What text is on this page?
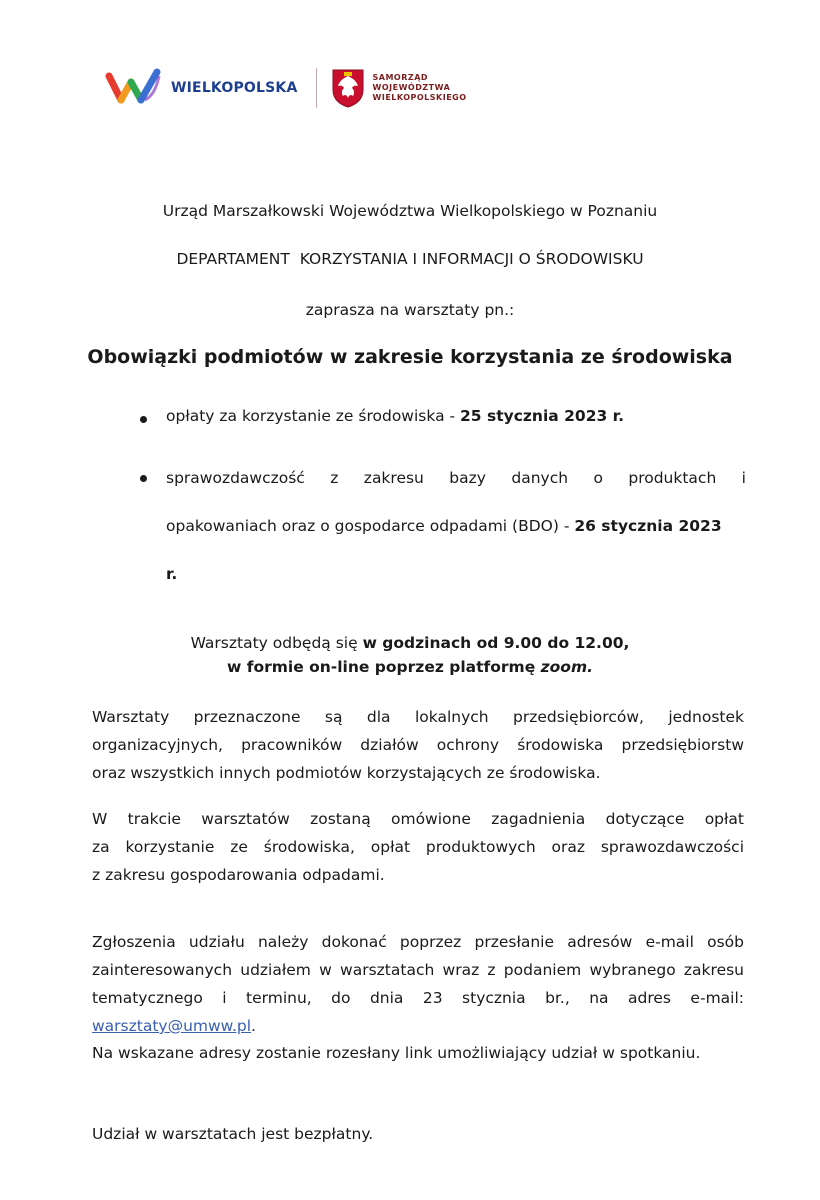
WIELKOPOLSKA
SAMORZĄD
WOJEWÓDZTWA
WIELKOPOLSKIEGO
Urząd Marszałkowski Województwa Wielkopolskiego w Poznaniu
DEPARTAMENT  KORZYSTANIA I INFORMACJI O ŚRODOWISKU
zaprasza na warsztaty pn.:
Obowiązki podmiotów w zakresie korzystania ze środowiska
opłaty za korzystanie ze środowiska - 25 stycznia 2023 r.
sprawozdawczość z zakresu bazy danych o produktach i
opakowaniach oraz o gospodarce odpadami (BDO) - 26 stycznia 2023
r.
Warsztaty odbędą się w godzinach od 9.00 do 12.00,
w formie on-line poprzez platformę zoom.
Warsztaty przeznaczone są dla lokalnych przedsiębiorców, jednostek
organizacyjnych, pracowników działów ochrony środowiska przedsiębiorstw
oraz wszystkich innych podmiotów korzystających ze środowiska.
W trakcie warsztatów zostaną omówione zagadnienia dotyczące opłat
za korzystanie ze środowiska, opłat produktowych oraz sprawozdawczości
z zakresu gospodarowania odpadami.
Zgłoszenia udziału należy dokonać poprzez przesłanie adresów e-mail osób
zainteresowanych udziałem w warsztatach wraz z podaniem wybranego zakresu
tematycznego i terminu, do dnia 23 stycznia br., na adres e-mail:
warsztaty@umww.pl.
Na wskazane adresy zostanie rozesłany link umożliwiający udział w spotkaniu.
Udział w warsztatach jest bezpłatny.
